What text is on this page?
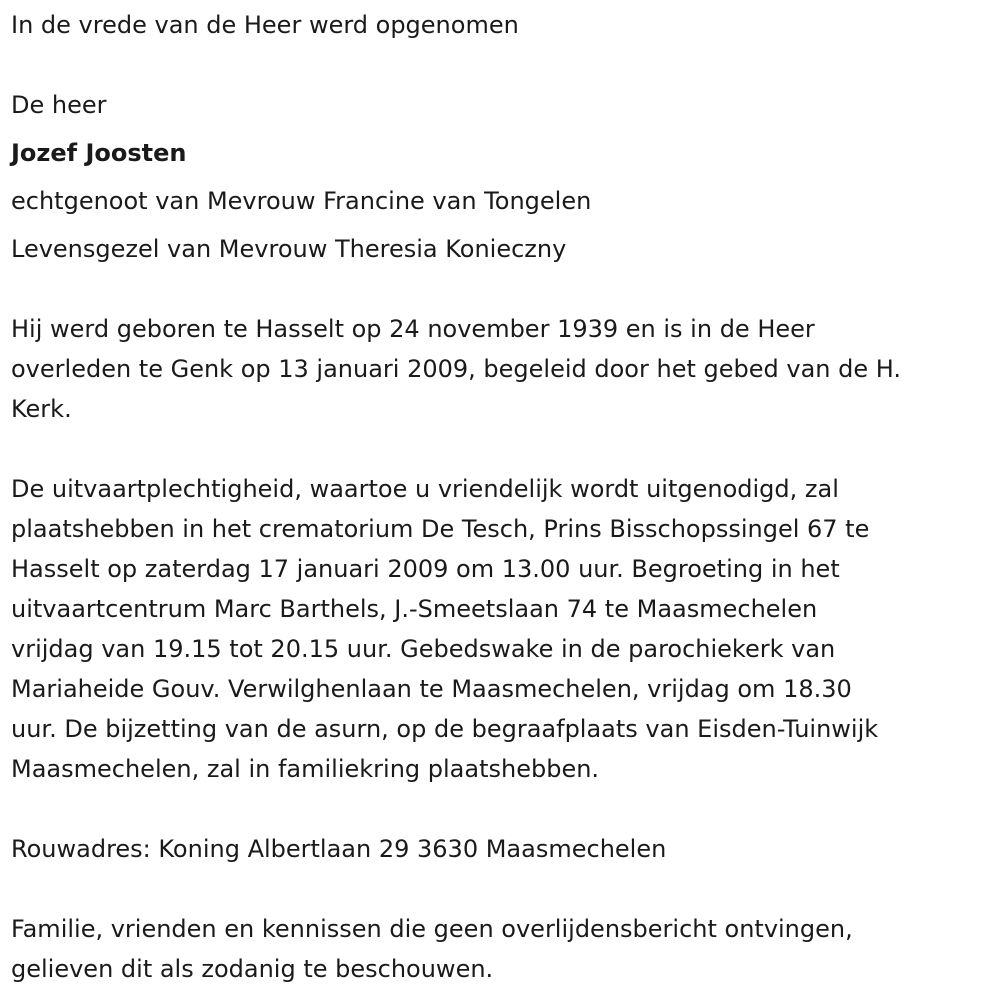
In de vrede van de Heer werd opgenomen
De heer
Jozef Joosten
echtgenoot van Mevrouw Francine van Tongelen
Levensgezel van Mevrouw Theresia Konieczny
Hij werd geboren te Hasselt op 24 november 1939 en is in de Heer
overleden te Genk op 13 januari 2009, begeleid door het gebed van de H.
Kerk.
De uitvaartplechtigheid, waartoe u vriendelijk wordt uitgenodigd, zal
plaatshebben in het crematorium De Tesch, Prins Bisschopssingel 67 te
Hasselt op zaterdag 17 januari 2009 om 13.00 uur. Begroeting in het
uitvaartcentrum Marc Barthels, J.-Smeetslaan 74 te Maasmechelen
vrijdag van 19.15 tot 20.15 uur. Gebedswake in de parochiekerk van
Mariaheide Gouv. Verwilghenlaan te Maasmechelen, vrijdag om 18.30
uur. De bijzetting van de asurn, op de begraafplaats van Eisden-Tuinwijk
Maasmechelen, zal in familiekring plaatshebben.
Rouwadres: Koning Albertlaan 29 3630 Maasmechelen
Familie, vrienden en kennissen die geen overlijdensbericht ontvingen,
gelieven dit als zodanig te beschouwen.
